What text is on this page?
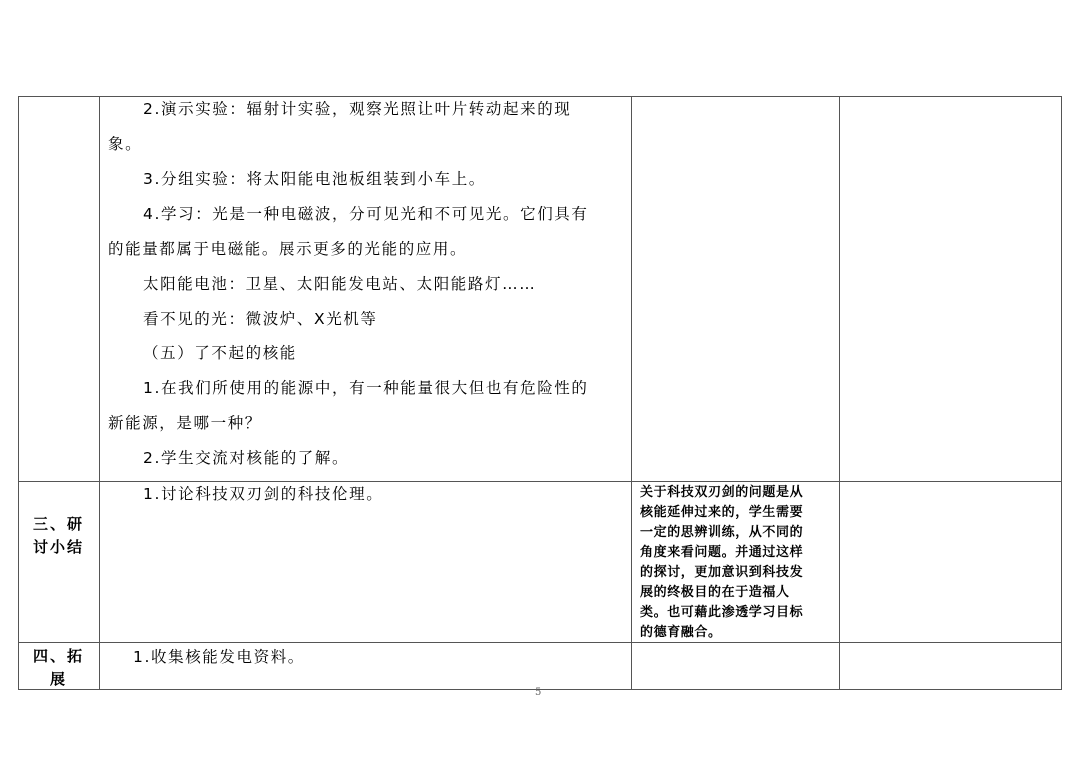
2.演示实验：辐射计实验，观察光照让叶片转动起来的现
象。
3.分组实验：将太阳能电池板组装到小车上。
4.学习：光是一种电磁波，分可见光和不可见光。它们具有
的能量都属于电磁能。展示更多的光能的应用。
太阳能电池：卫星、太阳能发电站、太阳能路灯……
看不见的光：微波炉、X光机等
（五）了不起的核能
1.在我们所使用的能源中，有一种能量很大但也有危险性的
新能源，是哪一种？
2.学生交流对核能的了解。
三、研
讨小结
1.讨论科技双刃剑的科技伦理。	关于科技双刃剑的问题是从
核能延伸过来的，学生需要
一定的思辨训练，从不同的
角度来看问题。并通过这样
的探讨，更加意识到科技发
展的终极目的在于造福人
类。也可藉此渗透学习目标
的德育融合。
四、拓
展
1.收集核能发电资料。
5
